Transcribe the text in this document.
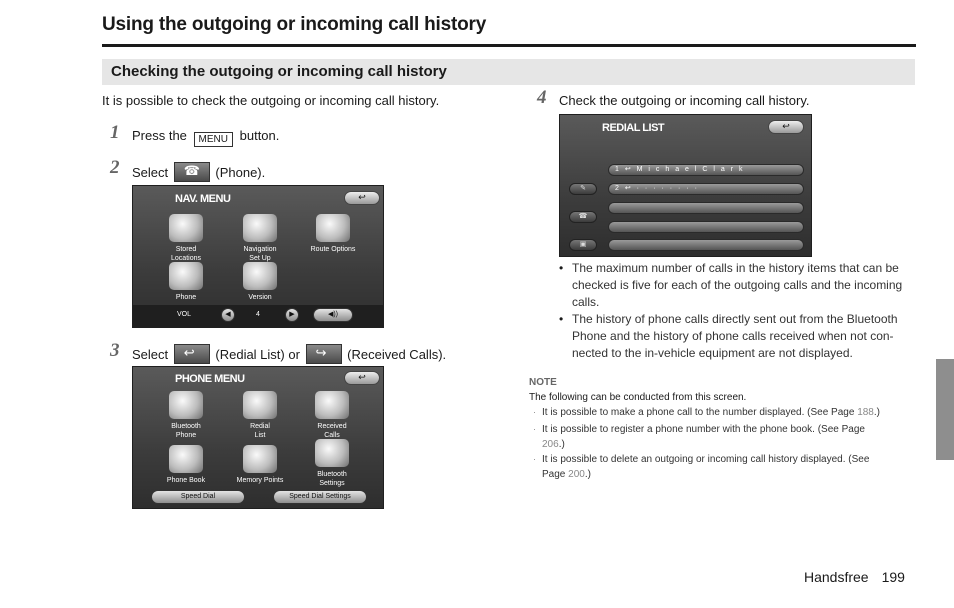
Using the outgoing or incoming call history
Checking the outgoing or incoming call history
It is possible to check the outgoing or incoming call history.
1 Press the MENU button.
2 Select ☎ (Phone).
NAV. MENU	↩
Stored
Locations
Navigation
Set Up
Route Options
Phone	Version
VOL	◀	4	▶	◀))
3 Select ↩ (Redial List) or ↪ (Received Calls).
PHONE MENU	↩
Bluetooth
Phone
Redial
List
Received
Calls
Phone Book	Memory Points
Bluetooth
Settings
Speed Dial	Speed Dial Settings
4 Check the outgoing or incoming call history.
REDIAL LIST	↩
1 ↩ M i c h a e l C l a r k
2 ↩ · · · · · · · ·
✎
☎
▣
• The maximum number of calls in the history items that can be
checked is five for each of the outgoing calls and the incoming
calls.
• The history of phone calls directly sent out from the Bluetooth
Phone and the history of phone calls received when not con-
nected to the in-vehicle equipment are not displayed.
NOTE
The following can be conducted from this screen.
· It is possible to make a phone call to the number displayed. (See Page 188.)
· It is possible to register a phone number with the phone book. (See Page
206.)
· It is possible to delete an outgoing or incoming call history displayed. (See
Page 200.)
Handsfree 199
